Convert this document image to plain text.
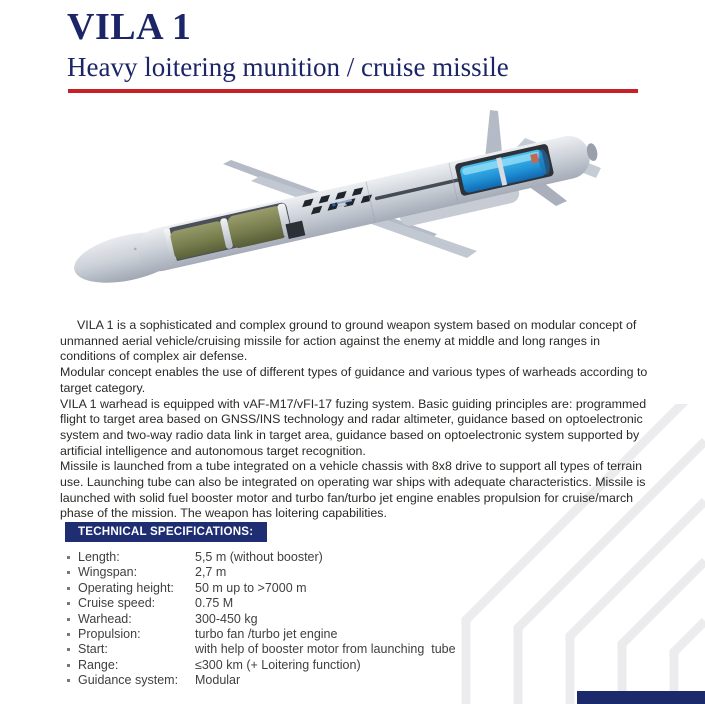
VILA 1
Heavy loitering munition / cruise missile

VILA 1 is a sophisticated and complex ground to ground weapon system based on modular concept of unmanned aerial vehicle/cruising missile for action against the enemy at middle and long ranges in conditions of complex air defense.

Modular concept enables the use of different types of guidance and various types of warheads according to target category.

VILA 1 warhead is equipped with vAF-M17/vFI-17 fuzing system. Basic guiding principles are: programmed flight to target area based on GNSS/INS technology and radar altimeter, guidance based on optoelectronic system and two-way radio data link in target area, guidance based on optoelectronic system supported by artificial intelligence and autonomous target recognition.

Missile is launched from a tube integrated on a vehicle chassis with 8x8 drive to support all types of terrain use. Launching tube can also be integrated on operating war ships with adequate characteristics. Missile is launched with solid fuel booster motor and turbo fan/turbo jet engine enables propulsion for cruise/march phase of the mission. The weapon has loitering capabilities.

TECHNICAL SPECIFICATIONS:
Length:	5,5 m (without booster)
Wingspan:	2,7 m
Operating height:	50 m up to >7000 m
Cruise speed:	0.75 M
Warhead:	300-450 kg
Propulsion:	turbo fan /turbo jet engine
Start:	with help of booster motor from launching  tube
Range:	≤300 km (+ Loitering function)
Guidance system:	Modular
